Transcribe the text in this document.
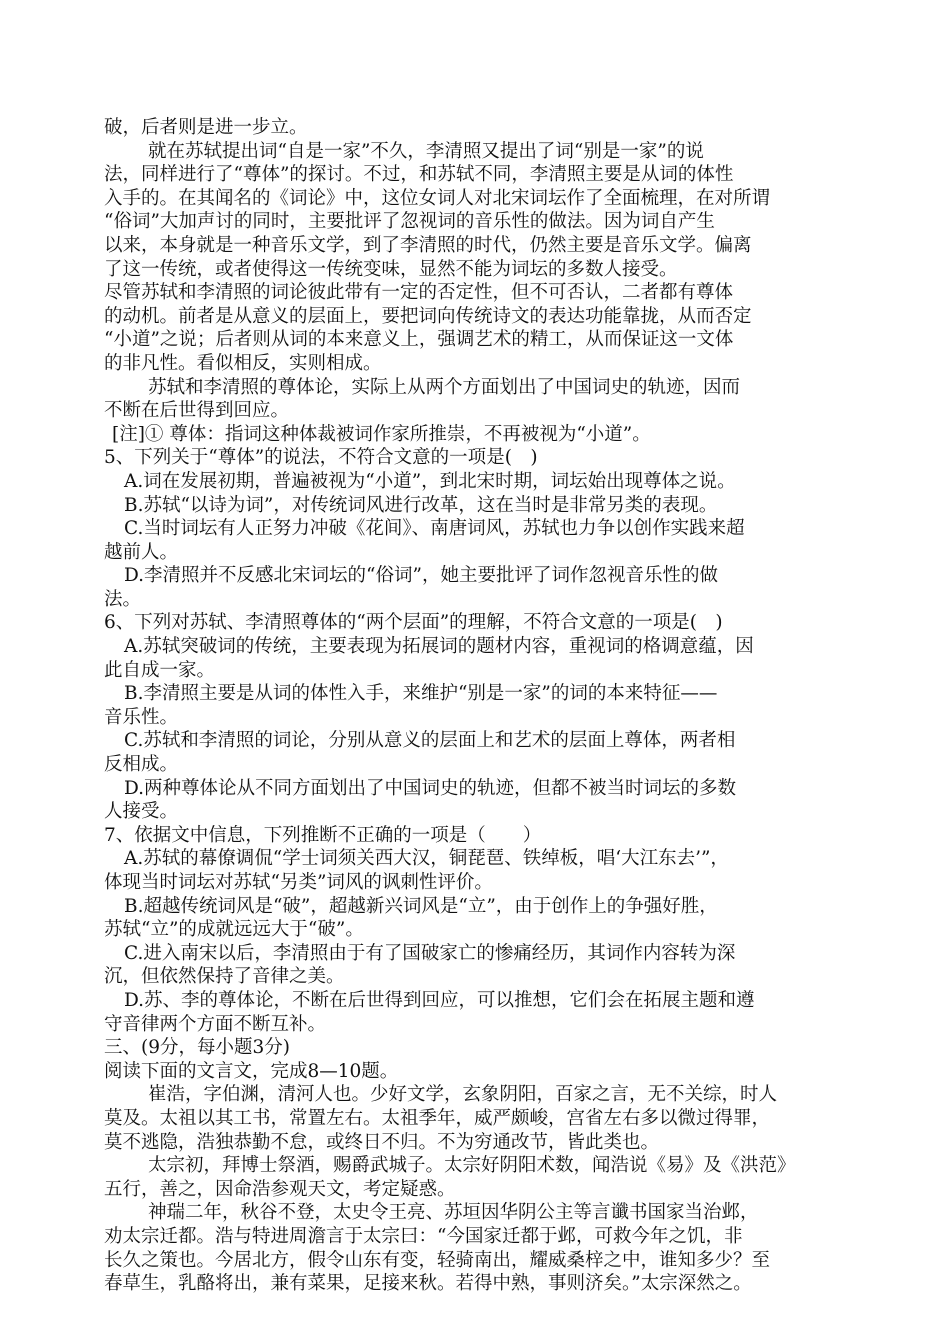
破，后者则是进一步立。
就在苏轼提出词“自是一家”不久，李清照又提出了词“别是一家”的说
法，同样进行了“尊体”的探讨。不过，和苏轼不同，李清照主要是从词的体性
入手的。在其闻名的《词论》中，这位女词人对北宋词坛作了全面梳理，在对所谓
“俗词”大加声讨的同时，主要批评了忽视词的音乐性的做法。因为词自产生
以来，本身就是一种音乐文学，到了李清照的时代，仍然主要是音乐文学。偏离
了这一传统，或者使得这一传统变味，显然不能为词坛的多数人接受。
尽管苏轼和李清照的词论彼此带有一定的否定性，但不可否认，二者都有尊体
的动机。前者是从意义的层面上，要把词向传统诗文的表达功能靠拢，从而否定
“小道”之说；后者则从词的本来意义上，强调艺术的精工，从而保证这一文体
的非凡性。看似相反，实则相成。
苏轼和李清照的尊体论，实际上从两个方面划出了中国词史的轨迹，因而
不断在后世得到回应。
[注]① 尊体：指词这种体裁被词作家所推崇，不再被视为“小道”。
5、下列关于“尊体”的说法，不符合文意的一项是(　)
A.词在发展初期，普遍被视为“小道”，到北宋时期，词坛始出现尊体之说。
B.苏轼“以诗为词”，对传统词风进行改革，这在当时是非常另类的表现。
C.当时词坛有人正努力冲破《花间》、南唐词风，苏轼也力争以创作实践来超
越前人。
D.李清照并不反感北宋词坛的“俗词”，她主要批评了词作忽视音乐性的做
法。
6、下列对苏轼、李清照尊体的“两个层面”的理解，不符合文意的一项是(　)
A.苏轼突破词的传统，主要表现为拓展词的题材内容，重视词的格调意蕴，因
此自成一家。
B.李清照主要是从词的体性入手，来维护“别是一家”的词的本来特征——
音乐性。
C.苏轼和李清照的词论，分别从意义的层面上和艺术的层面上尊体，两者相
反相成。
D.两种尊体论从不同方面划出了中国词史的轨迹，但都不被当时词坛的多数
人接受。
7、依据文中信息，下列推断不正确的一项是（　　）
A.苏轼的幕僚调侃“学士词须关西大汉，铜琵琶、铁绰板，唱‘大江东去’”，
体现当时词坛对苏轼“另类”词风的讽刺性评价。
B.超越传统词风是“破”，超越新兴词风是“立”，由于创作上的争强好胜，
苏轼“立”的成就远远大于“破”。
C.进入南宋以后，李清照由于有了国破家亡的惨痛经历，其词作内容转为深
沉，但依然保持了音律之美。
D.苏、李的尊体论，不断在后世得到回应，可以推想，它们会在拓展主题和遵
守音律两个方面不断互补。
三、(9分，每小题3分)
阅读下面的文言文，完成8—10题。
崔浩，字伯渊，清河人也。少好文学，玄象阴阳，百家之言，无不关综，时人
莫及。太祖以其工书，常置左右。太祖季年，威严颇峻，宫省左右多以微过得罪，
莫不逃隐，浩独恭勤不怠，或终日不归。不为穷通改节，皆此类也。
太宗初，拜博士祭酒，赐爵武城子。太宗好阴阳术数，闻浩说《易》及《洪范》
五行，善之，因命浩参观天文，考定疑惑。
神瑞二年，秋谷不登，太史令王亮、苏垣因华阴公主等言谶书国家当治邺，
劝太宗迁都。浩与特进周澹言于太宗曰：“今国家迁都于邺，可救今年之饥，非
长久之策也。今居北方，假令山东有变，轻骑南出，耀威桑梓之中，谁知多少？至
春草生，乳酪将出，兼有菜果，足接来秋。若得中熟，事则济矣。”太宗深然之。
